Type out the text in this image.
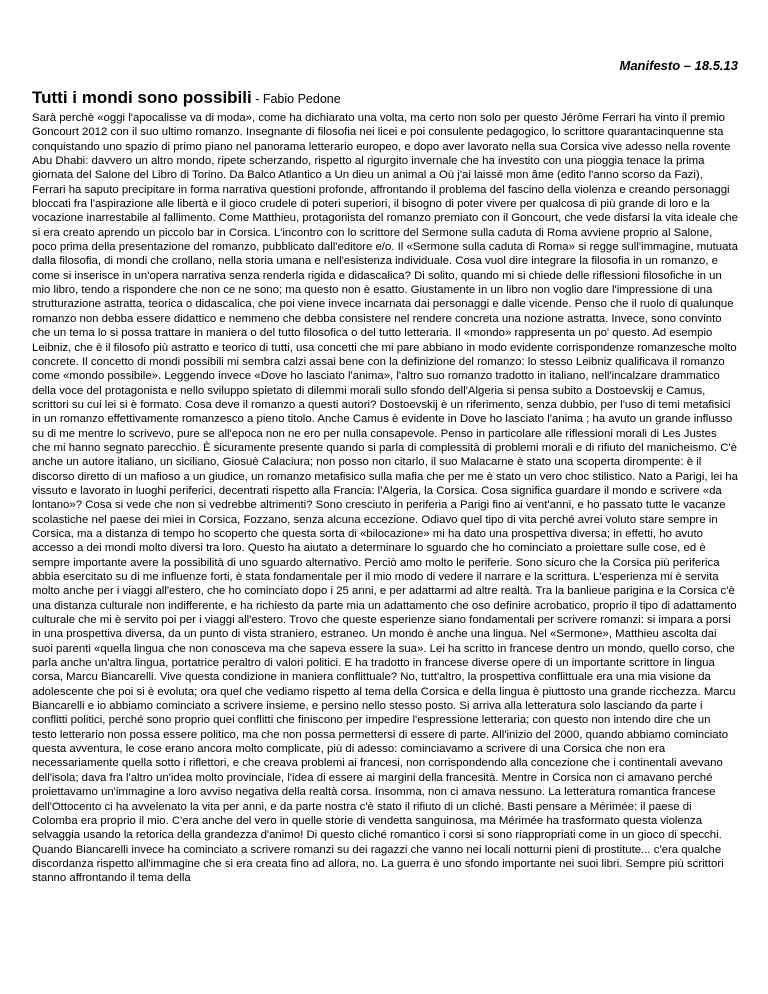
Manifesto – 18.5.13

Tutti i mondi sono possibili - Fabio Pedone

Sarà perchè «oggi l'apocalisse va di moda», come ha dichiarato una volta, ma certo non solo per questo Jérôme Ferrari ha vinto il premio Goncourt 2012 con il suo ultimo romanzo. Insegnante di filosofia nei licei e poi consulente pedagogico, lo scrittore quarantacinquenne sta conquistando uno spazio di primo piano nel panorama letterario europeo, e dopo aver lavorato nella sua Corsica vive adesso nella rovente Abu Dhabi: davvero un altro mondo, ripete scherzando, rispetto al rigurgito invernale che ha investito con una pioggia tenace la prima giornata del Salone del Libro di Torino. Da Balco Atlantico a Un dieu un animal a Où j'ai laissé mon âme (edito l'anno scorso da Fazi), Ferrari ha saputo precipitare in forma narrativa questioni profonde, affrontando il problema del fascino della violenza e creando personaggi bloccati fra l'aspirazione alle libertà e il gioco crudele di poteri superiori, il bisogno di poter vivere per qualcosa di più grande di loro e la vocazione inarrestabile al fallimento. Come Matthieu, protagonista del romanzo premiato con il Goncourt, che vede disfarsi la vita ideale che si era creato aprendo un piccolo bar in Corsica. L'incontro con lo scrittore del Sermone sulla caduta di Roma avviene proprio al Salone, poco prima della presentazione del romanzo, pubblicato dall'editore e/o. Il «Sermone sulla caduta di Roma» si regge sull'immagine, mutuata dalla filosofia, di mondi che crollano, nella storia umana e nell'esistenza individuale. Cosa vuol dire integrare la filosofia in un romanzo, e come si inserisce in un'opera narrativa senza renderla rigida e didascalica? Di solito, quando mi si chiede delle riflessioni filosofiche in un mio libro, tendo a rispondere che non ce ne sono; ma questo non è esatto. Giustamente in un libro non voglio dare l'impressione di una strutturazione astratta, teorica o didascalica, che poi viene invece incarnata dai personaggi e dalle vicende. Penso che il ruolo di qualunque romanzo non debba essere didattico e nemmeno che debba consistere nel rendere concreta una nozione astratta. Invece, sono convinto che un tema lo si possa trattare in maniera o del tutto filosofica o del tutto letteraria. Il «mondo» rappresenta un po' questo. Ad esempio Leibniz, che è il filosofo più astratto e teorico di tutti, usa concetti che mi pare abbiano in modo evidente corrispondenze romanzesche molto concrete. Il concetto di mondi possibili mi sembra calzi assai bene con la definizione del romanzo: lo stesso Leibniz qualificava il romanzo come «mondo possibile». Leggendo invece «Dove ho lasciato l'anima», l'altro suo romanzo tradotto in italiano, nell'incalzare drammatico della voce del protagonista e nello sviluppo spietato di dilemmi morali sullo sfondo dell'Algeria si pensa subito a Dostoevskij e Camus, scrittori su cui lei si è formato. Cosa deve il romanzo a questi autori? Dostoevskij è un riferimento, senza dubbio, per l'uso di temi metafisici in un romanzo effettivamente romanzesco a pieno titolo. Anche Camus è evidente in Dove ho lasciato l'anima ; ha avuto un grande influsso su di me mentre lo scrivevo, pure se all'epoca non ne ero per nulla consapevole. Penso in particolare alle riflessioni morali di Les Justes che mi hanno segnato parecchio. È sicuramente presente quando si parla di complessità di problemi morali e di rifiuto del manicheismo. C'è anche un autore italiano, un siciliano, Giosuè Calaciura; non posso non citarlo, il suo Malacarne è stato una scoperta dirompente: è il discorso diretto di un mafioso a un giudice, un romanzo metafisico sulla mafia che per me è stato un vero choc stilistico. Nato a Parigi, lei ha vissuto e lavorato in luoghi periferici, decentrati rispetto alla Francia: l'Algeria, la Corsica. Cosa significa guardare il mondo e scrivere «da lontano»? Cosa si vede che non si vedrebbe altrimenti? Sono cresciuto in periferia a Parigi fino ai vent'anni, e ho passato tutte le vacanze scolastiche nel paese dei miei in Corsica, Fozzano, senza alcuna eccezione. Odiavo quel tipo di vita perché avrei voluto stare sempre in Corsica, ma a distanza di tempo ho scoperto che questa sorta di «bilocazione» mi ha dato una prospettiva diversa; in effetti, ho avuto accesso a dei mondi molto diversi tra loro. Questo ha aiutato a determinare lo sguardo che ho cominciato a proiettare sulle cose, ed è sempre importante avere la possibilità di uno sguardo alternativo. Perciò amo molto le periferie. Sono sicuro che la Corsica più periferica abbia esercitato su di me influenze forti, è stata fondamentale per il mio modo di vedere il narrare e la scrittura. L'esperienza mi è servita molto anche per i viaggi all'estero, che ho cominciato dopo i 25 anni, e per adattarmi ad altre realtà. Tra la banlieue parigina e la Corsica c'è una distanza culturale non indifferente, e ha richiesto da parte mia un adattamento che oso definire acrobatico, proprio il tipo di adattamento culturale che mi è servito poi per i viaggi all'estero. Trovo che queste esperienze siano fondamentali per scrivere romanzi: si impara a porsi in una prospettiva diversa, da un punto di vista straniero, estraneo. Un mondo è anche una lingua. Nel «Sermone», Matthieu ascolta dai suoi parenti «quella lingua che non conosceva ma che sapeva essere la sua». Lei ha scritto in francese dentro un mondo, quello corso, che parla anche un'altra lingua, portatrice peraltro di valori politici. E ha tradotto in francese diverse opere di un importante scrittore in lingua corsa, Marcu Biancarelli. Vive questa condizione in maniera conflittuale? No, tutt'altro, la prospettiva conflittuale era una mia visione da adolescente che poi si è evoluta; ora quel che vediamo rispetto al tema della Corsica e della lingua è piuttosto una grande ricchezza. Marcu Biancarelli e io abbiamo cominciato a scrivere insieme, e persino nello stesso posto. Si arriva alla letteratura solo lasciando da parte i conflitti politici, perché sono proprio quei conflitti che finiscono per impedire l'espressione letteraria; con questo non intendo dire che un testo letterario non possa essere politico, ma che non possa permettersi di essere di parte. All'inizio del 2000, quando abbiamo cominciato questa avventura, le cose erano ancora molto complicate, più di adesso: cominciavamo a scrivere di una Corsica che non era necessariamente quella sotto i riflettori, e che creava problemi ai francesi, non corrispondendo alla concezione che i continentali avevano dell'isola; dava fra l'altro un'idea molto provinciale, l'idea di essere ai margini della francesità. Mentre in Corsica non ci amavano perché proiettavamo un'immagine a loro avviso negativa della realtà corsa. Insomma, non ci amava nessuno. La letteratura romantica francese dell'Ottocento ci ha avvelenato la vita per anni, e da parte nostra c'è stato il rifiuto di un cliché. Basti pensare a Mérimée: il paese di Colomba era proprio il mio. C'era anche del vero in quelle storie di vendetta sanguinosa, ma Mérimée ha trasformato questa violenza selvaggia usando la retorica della grandezza d'animo! Di questo cliché romantico i corsi si sono riappropriati come in un gioco di specchi. Quando Biancarelli invece ha cominciato a scrivere romanzi su dei ragazzi che vanno nei locali notturni pieni di prostitute... c'era qualche discordanza rispetto all'immagine che si era creata fino ad allora, no. La guerra è uno sfondo importante nei suoi libri. Sempre più scrittori stanno affrontando il tema della
